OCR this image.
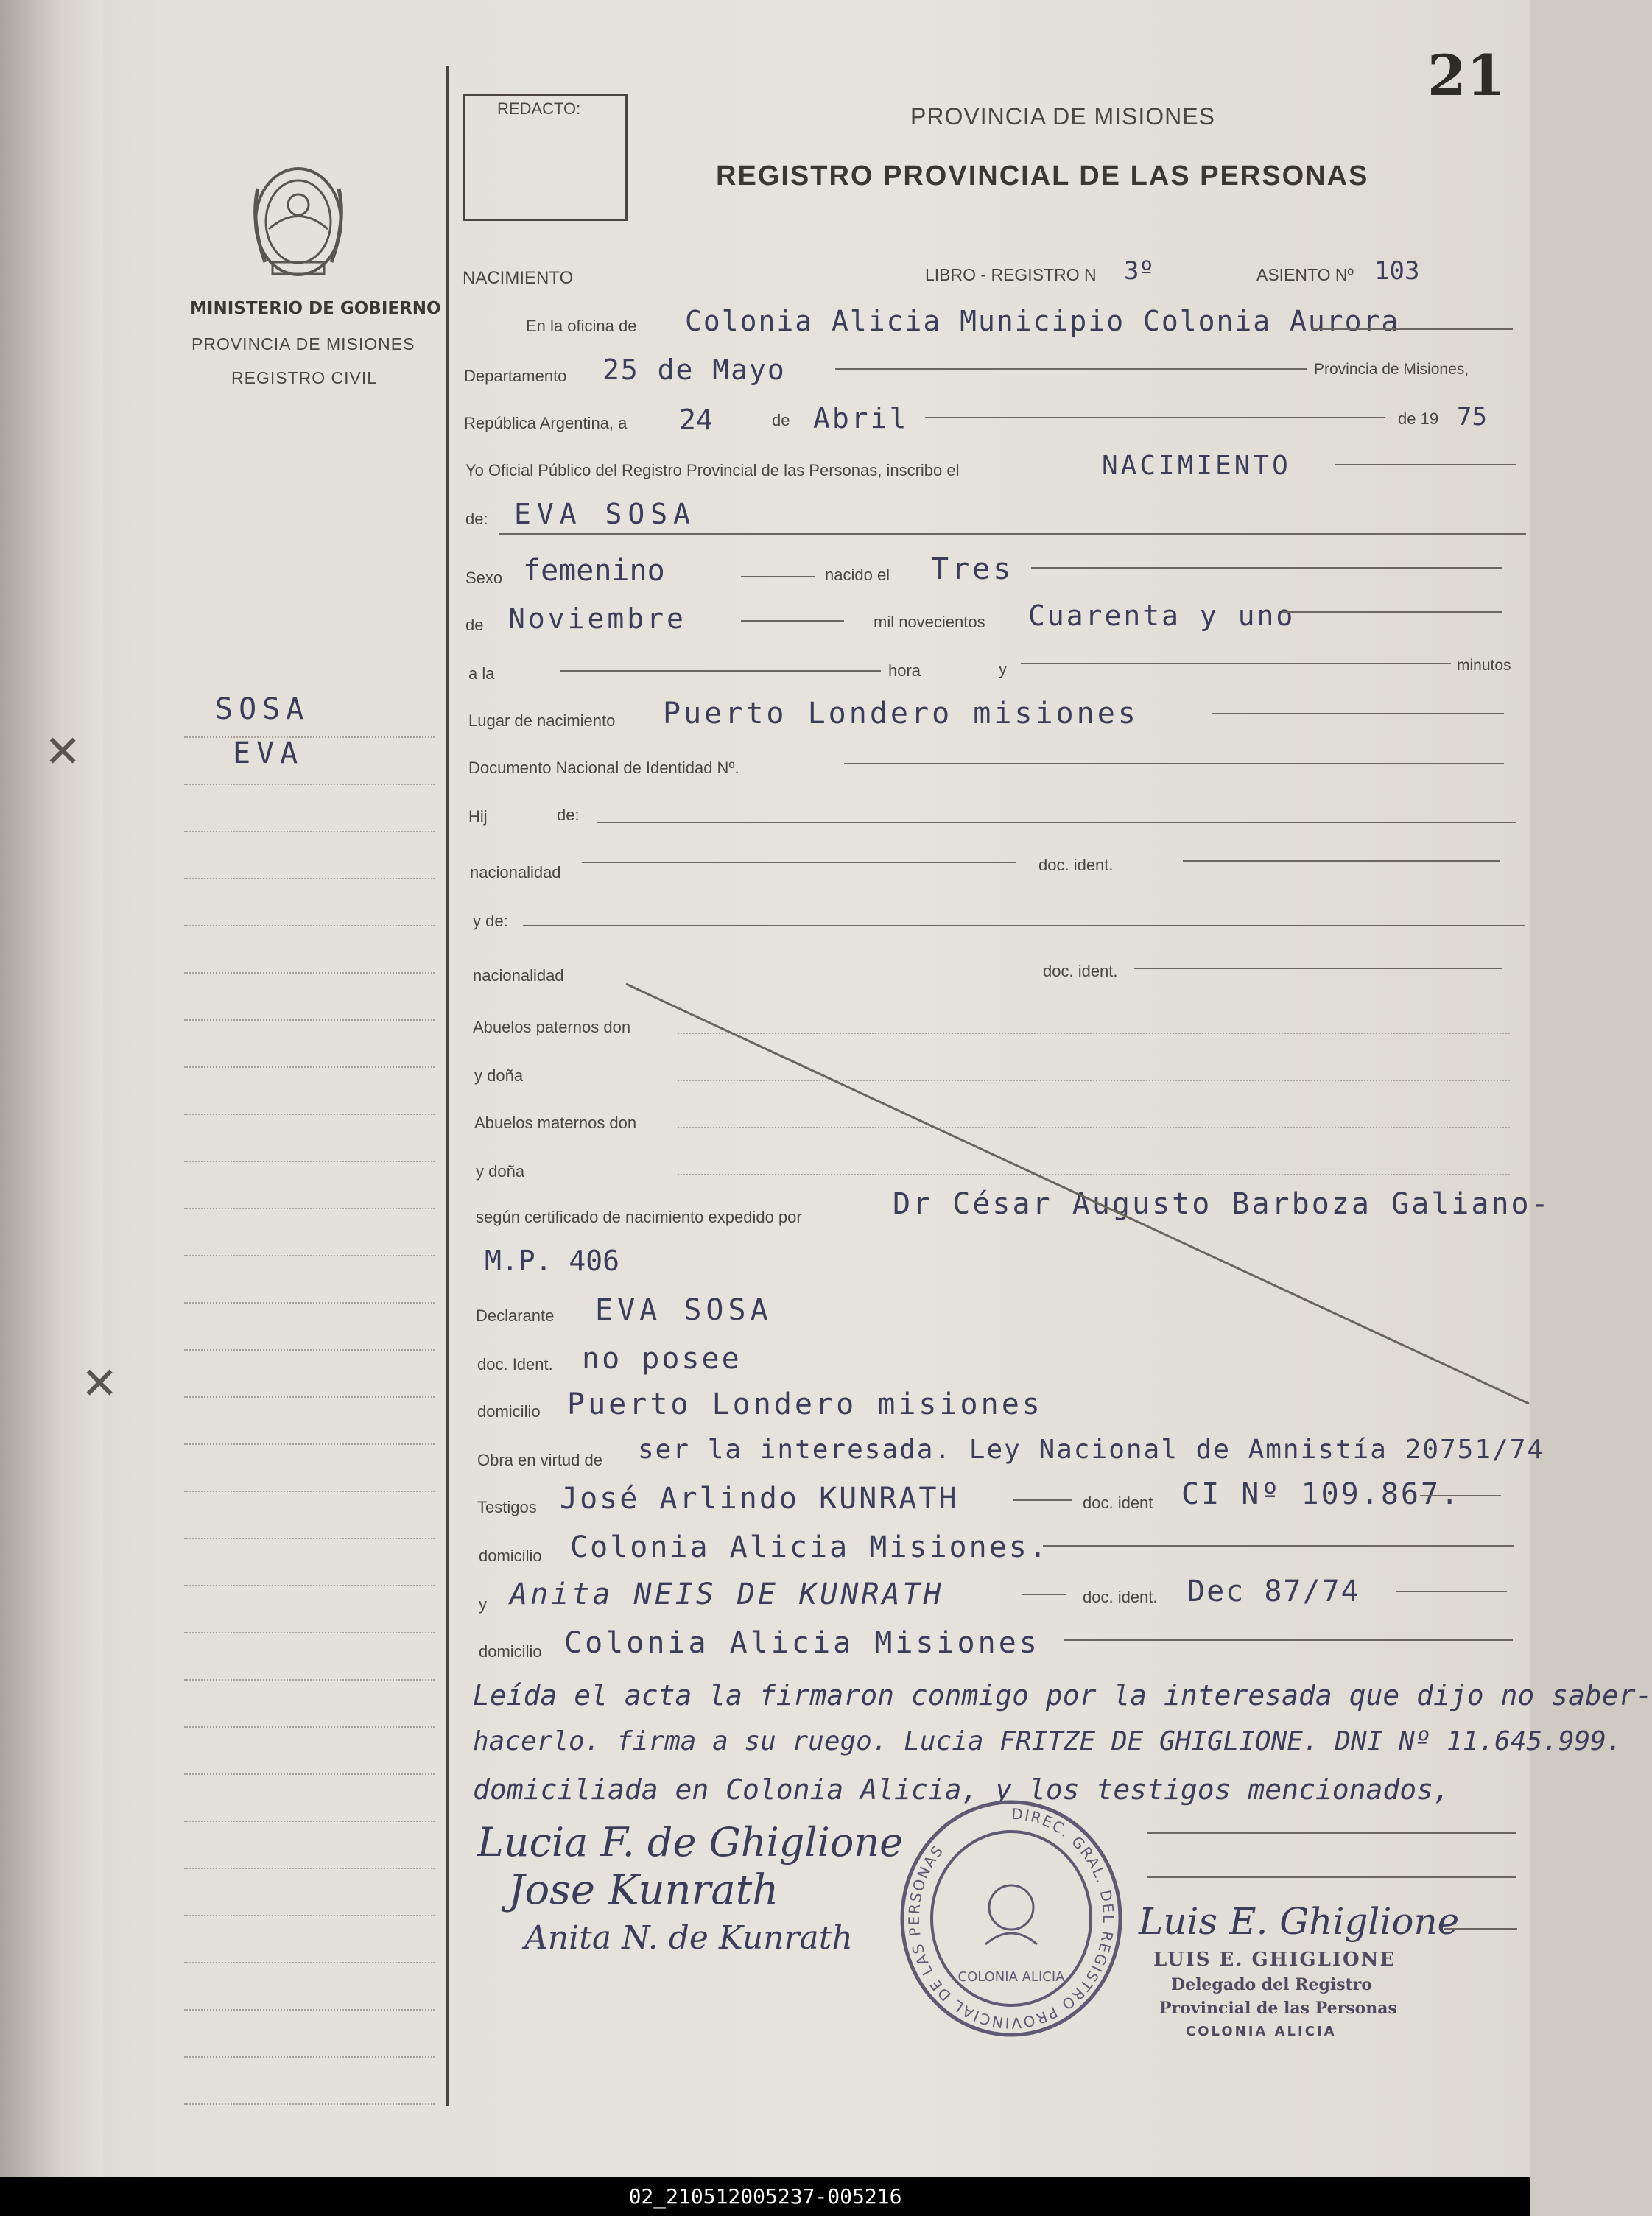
21
REDACTO:	PROVINCIA DE MISIONES
REGISTRO PROVINCIAL DE LAS PERSONAS
MINISTERIO DE GOBIERNO
PROVINCIA DE MISIONES
REGISTRO CIVIL
SOSA
EVA
✕
✕
NACIMIENTO	LIBRO - REGISTRO N 3º	ASIENTO Nº 103
En la oficina de Colonia Alicia Municipio Colonia Aurora
Departamento 25 de Mayo	Provincia de Misiones,
República Argentina, a 24	de Abril	de 19 75
Yo Oficial Público del Registro Provincial de las Personas, inscribo el	NACIMIENTO
de: EVA SOSA
Sexo femenino	nacido el Tres
de Noviembre	mil novecientos Cuarenta y uno
a la	hora	y	minutos
Lugar de nacimiento Puerto Londero misiones
Documento Nacional de Identidad Nº.
Hij	de:
nacionalidad	doc. ident.
y de:
nacionalidad	doc. ident.
Abuelos paternos don
y doña
Abuelos maternos don
y doña
según certificado de nacimiento expedido por	Dr César Augusto Barboza Galiano-
M.P. 406
Declarante EVA SOSA
doc. Ident. no posee
domicilio Puerto Londero misiones
Obra en virtud de ser la interesada. Ley Nacional de Amnistía 20751/74
Testigos José Arlindo KUNRATH	doc. ident CI Nº 109.867.
domicilio Colonia Alicia Misiones.
y Anita NEIS DE KUNRATH	doc. ident. Dec 87/74
domicilio Colonia Alicia Misiones
Leída el acta la firmaron conmigo por la interesada que dijo no saber-
hacerlo. firma a su ruego. Lucia FRITZE DE GHIGLIONE. DNI Nº 11.645.999.
domiciliada en Colonia Alicia, y los testigos mencionados,
Lucia F. de Ghiglione
Jose Kunrath
Anita N. de Kunrath	Luis E. Ghiglione
DIREC. GRAL. DEL REGISTRO PROVINCIAL DE LAS PERSONAS
COLONIA ALICIA
LUIS E. GHIGLIONE
Delegado del Registro
Provincial de las Personas
COLONIA ALICIA
02_210512005237-005216
